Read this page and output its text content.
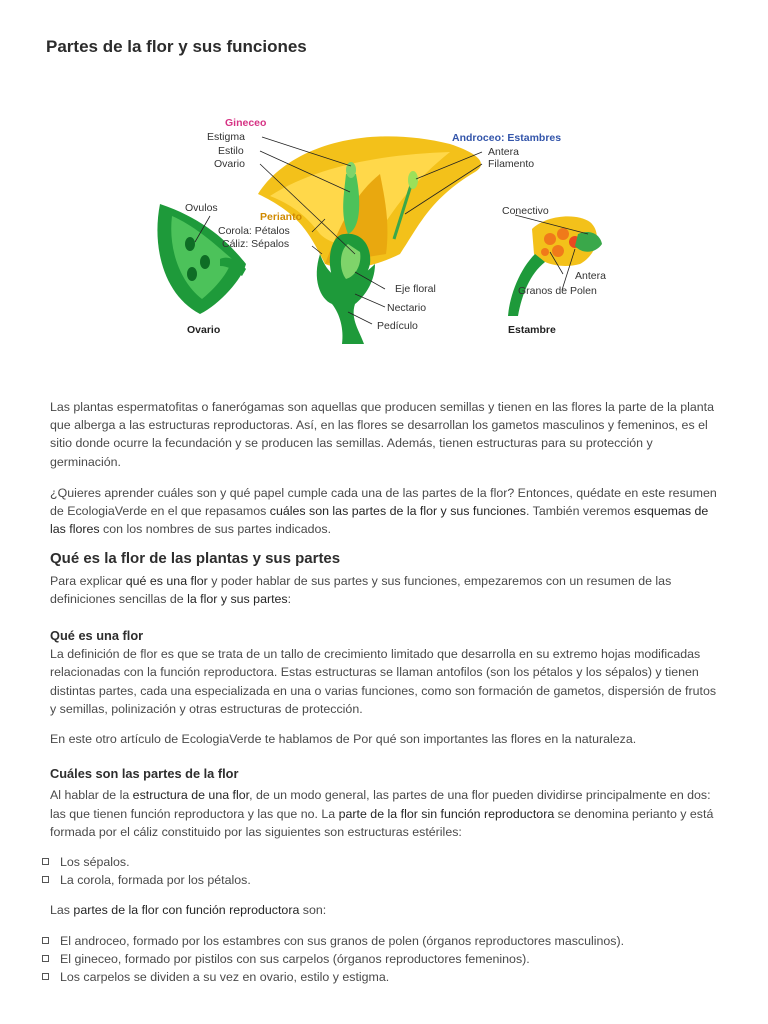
Partes de la flor y sus funciones
Gineceo
Estigma
Estilo
Ovario
Androceo: Estambres
Antera
Filamento
Ovulos
Perianto
Corola: Pétalos
Cáliz: Sépalos
Conectivo
Antera
Granos de Polen
Eje floral
Nectario
Pedículo
Ovario	Estambre

Las plantas espermatofitas o fanerógamas son aquellas que producen semillas y tienen en las flores la parte de la planta que alberga a las estructuras reproductoras. Así, en las flores se desarrollan los gametos masculinos y femeninos, es el sitio donde ocurre la fecundación y se producen las semillas. Además, tienen estructuras para su protección y germinación.

¿Quieres aprender cuáles son y qué papel cumple cada una de las partes de la flor? Entonces, quédate en este resumen de EcologiaVerde en el que repasamos cuáles son las partes de la flor y sus funciones. También veremos esquemas de las flores con los nombres de sus partes indicados.

Qué es la flor de las plantas y sus partes

Para explicar qué es una flor y poder hablar de sus partes y sus funciones, empezaremos con un resumen de las definiciones sencillas de la flor y sus partes:

Qué es una flor

La definición de flor es que se trata de un tallo de crecimiento limitado que desarrolla en su extremo hojas modificadas relacionadas con la función reproductora. Estas estructuras se llaman antofilos (son los pétalos y los sépalos) y tienen distintas partes, cada una especializada en una o varias funciones, como son formación de gametos, dispersión de frutos y semillas, polinización y otras estructuras de protección.

En este otro artículo de EcologiaVerde te hablamos de Por qué son importantes las flores en la naturaleza.

Cuáles son las partes de la flor

Al hablar de la estructura de una flor, de un modo general, las partes de una flor pueden dividirse principalmente en dos: las que tienen función reproductora y las que no. La parte de la flor sin función reproductora se denomina perianto y está formada por el cáliz constituido por las siguientes son estructuras estériles:

Los sépalos.
La corola, formada por los pétalos.

Las partes de la flor con función reproductora son:

El androceo, formado por los estambres con sus granos de polen (órganos reproductores masculinos).
El gineceo, formado por pistilos con sus carpelos (órganos reproductores femeninos).
Los carpelos se dividen a su vez en ovario, estilo y estigma.
